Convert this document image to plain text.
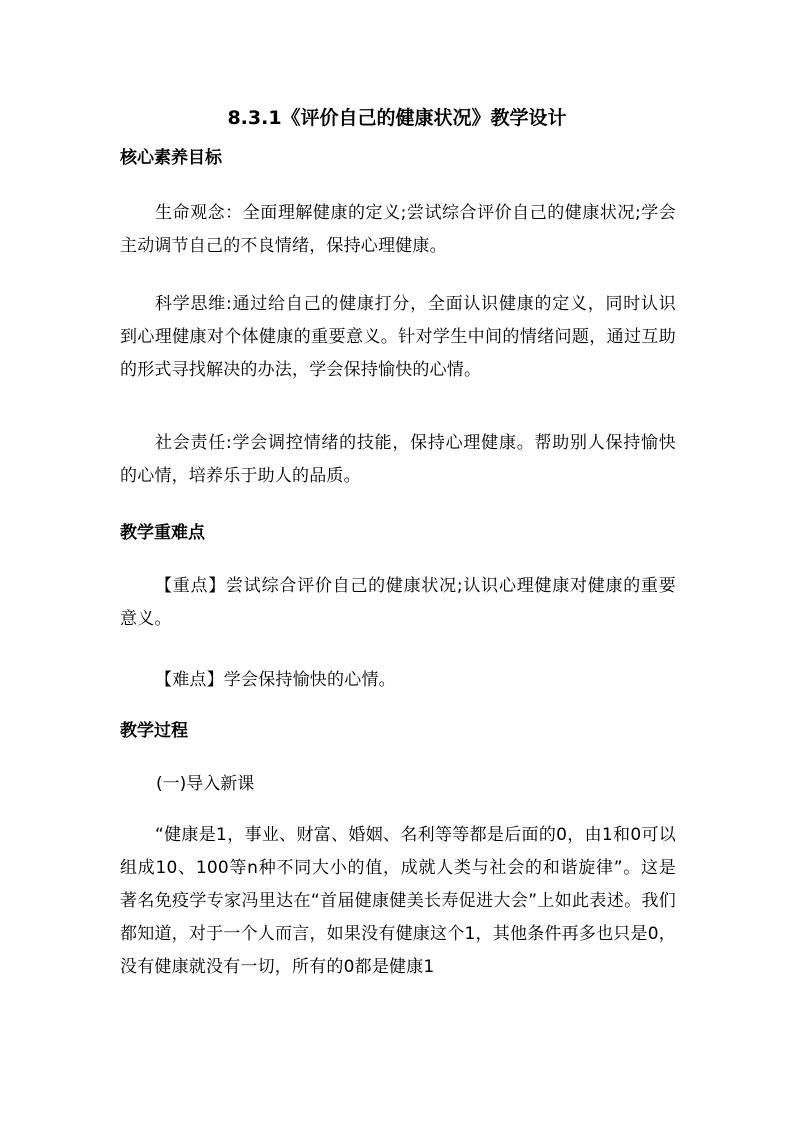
8.3.1《评价自己的健康状况》教学设计
核心素养目标

生命观念：全面理解健康的定义;尝试综合评价自己的健康状况;学会主动调节自己的不良情绪，保持心理健康。

科学思维:通过给自己的健康打分，全面认识健康的定义，同时认识到心理健康对个体健康的重要意义。针对学生中间的情绪问题，通过互助的形式寻找解决的办法，学会保持愉快的心情。

社会责任:学会调控情绪的技能，保持心理健康。帮助别人保持愉快的心情，培养乐于助人的品质。

教学重难点

【重点】尝试综合评价自己的健康状况;认识心理健康对健康的重要意义。

【难点】学会保持愉快的心情。

教学过程
(一)导入新课

“健康是1，事业、财富、婚姻、名利等等都是后面的0，由1和0可以组成10、100等n种不同大小的值，成就人类与社会的和谐旋律”。这是著名免疫学专家冯里达在“首届健康健美长寿促进大会”上如此表述。我们都知道，对于一个人而言，如果没有健康这个1，其他条件再多也只是0，没有健康就没有一切，所有的0都是健康1
